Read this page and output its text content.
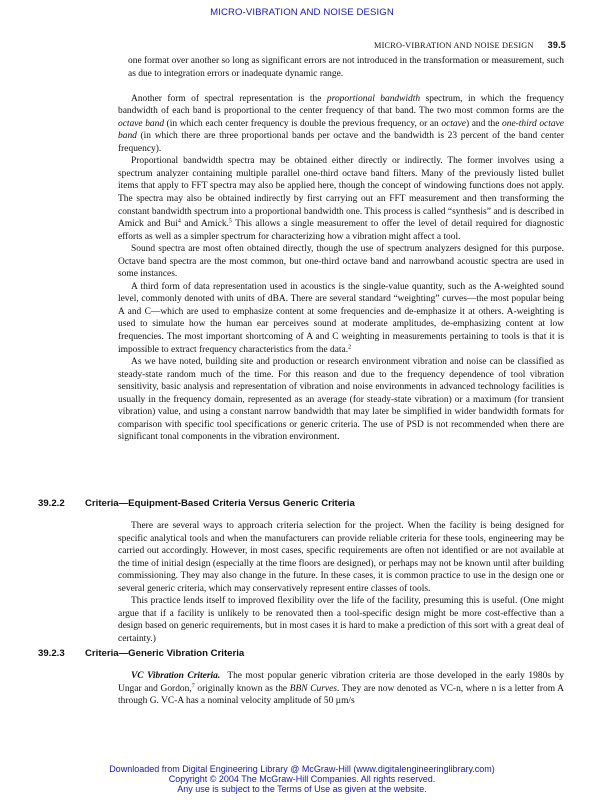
MICRO-VIBRATION AND NOISE DESIGN
MICRO-VIBRATION AND NOISE DESIGN 39.5

one format over another so long as significant errors are not introduced in the transformation or measurement, such as due to integration errors or inadequate dynamic range.

Another form of spectral representation is the proportional bandwidth spectrum, in which the frequency bandwidth of each band is proportional to the center frequency of that band. The two most common forms are the octave band (in which each center frequency is double the previous frequency, or an octave) and the one-third octave band (in which there are three proportional bands per octave and the bandwidth is 23 percent of the band center frequency).

Proportional bandwidth spectra may be obtained either directly or indirectly. The former involves using a spectrum analyzer containing multiple parallel one-third octave band filters. Many of the previously listed bullet items that apply to FFT spectra may also be applied here, though the concept of windowing functions does not apply. The spectra may also be obtained indirectly by first carrying out an FFT measurement and then transforming the constant bandwidth spectrum into a proportional bandwidth one. This process is called “synthesis” and is described in Amick and Bui$^4$ and Amick.$^5$ This allows a single measurement to offer the level of detail required for diagnostic efforts as well as a simpler spectrum for characterizing how a vibration might affect a tool.

Sound spectra are most often obtained directly, though the use of spectrum analyzers designed for this purpose. Octave band spectra are the most common, but one-third octave band and narrowband acoustic spectra are used in some instances.

A third form of data representation used in acoustics is the single-value quantity, such as the A-weighted sound level, commonly denoted with units of dBA. There are several standard “weighting” curves—the most popular being A and C—which are used to emphasize content at some frequencies and de-emphasize it at others. A-weighting is used to simulate how the human ear perceives sound at moderate amplitudes, de-emphasizing content at low frequencies. The most important shortcoming of A and C weighting in measurements pertaining to tools is that it is impossible to extract frequency characteristics from the data.$^2$

As we have noted, building site and production or research environment vibration and noise can be classified as steady-state random much of the time. For this reason and due to the frequency dependence of tool vibration sensitivity, basic analysis and representation of vibration and noise environments in advanced technology facilities is usually in the frequency domain, represented as an average (for steady-state vibration) or a maximum (for transient vibration) value, and using a constant narrow bandwidth that may later be simplified in wider bandwidth formats for comparison with specific tool specifications or generic criteria. The use of PSD is not recommended when there are significant tonal components in the vibration environment.

39.2.2 Criteria—Equipment-Based Criteria Versus Generic Criteria

There are several ways to approach criteria selection for the project. When the facility is being designed for specific analytical tools and when the manufacturers can provide reliable criteria for these tools, engineering may be carried out accordingly. However, in most cases, specific requirements are often not identified or are not available at the time of initial design (especially at the time floors are designed), or perhaps may not be known until after building commissioning. They may also change in the future. In these cases, it is common practice to use in the design one or several generic criteria, which may conservatively represent entire classes of tools.

This practice lends itself to improved flexibility over the life of the facility, presuming this is useful. (One might argue that if a facility is unlikely to be renovated then a tool-specific design might be more cost-effective than a design based on generic requirements, but in most cases it is hard to make a prediction of this sort with a great deal of certainty.)

39.2.3 Criteria—Generic Vibration Criteria

VC Vibration Criteria. The most popular generic vibration criteria are those developed in the early 1980s by Ungar and Gordon,$^7$ originally known as the BBN Curves. They are now denoted as VC-n, where n is a letter from A through G. VC-A has a nominal velocity amplitude of 50 µm/s

Downloaded from Digital Engineering Library @ McGraw-Hill (www.digitalengineeringlibrary.com)
Copyright © 2004 The McGraw-Hill Companies. All rights reserved.
Any use is subject to the Terms of Use as given at the website.
